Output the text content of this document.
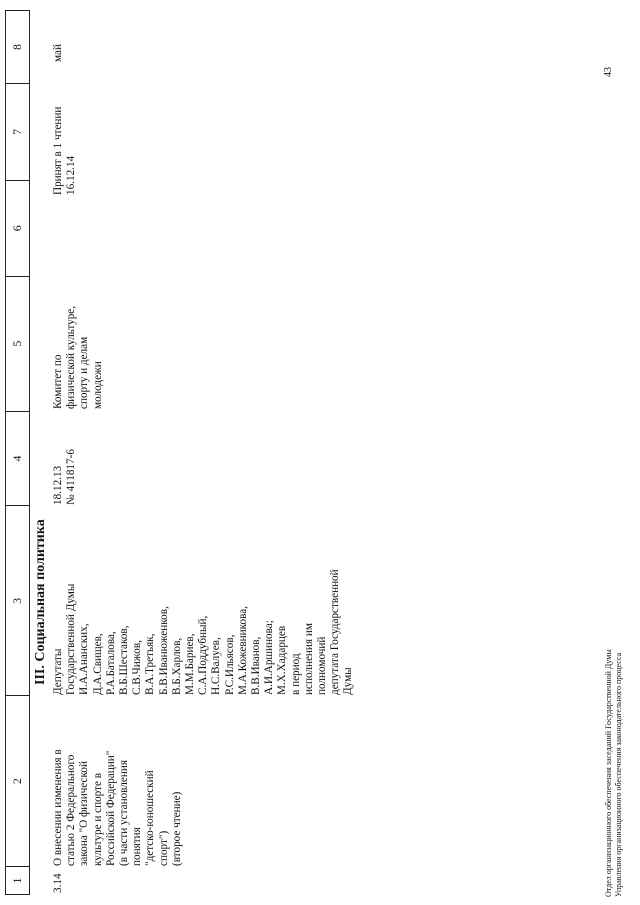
1
2
3
4
5
6
7
8
III. Социальная политика
3.14
О внесении изменения в статью 2 Федерального закона "О физической культуре и спорте в Российской Федерации" (в части установления понятия "детско-юношеский спорт") (второе чтение)
Депутаты Государственной Думы И.А.Ананских, Д.А.Свищев, Р.А.Баталова, В.Б.Шестаков, С.В.Чижов, В.А.Третьяк, Б.В.Иванюженков, В.Б.Харлов, М.М.Бариев, С.А.Поддубный, Н.С.Валуев, Р.С.Ильясов, М.А.Кожевникова, В.В.Иванов, А.И.Аршинова; М.Х.Хадарцев в период исполнения им полномочий депутата Государственной Думы
18.12.13 № 411817-6
Комитет по физической культуре, спорту и делам молодежи
Принят в 1 чтении 16.12.14
май
Отдел организационного обеспечения заседаний Государственной Думы Управления организационного обеспечения законодательного процесса
43
